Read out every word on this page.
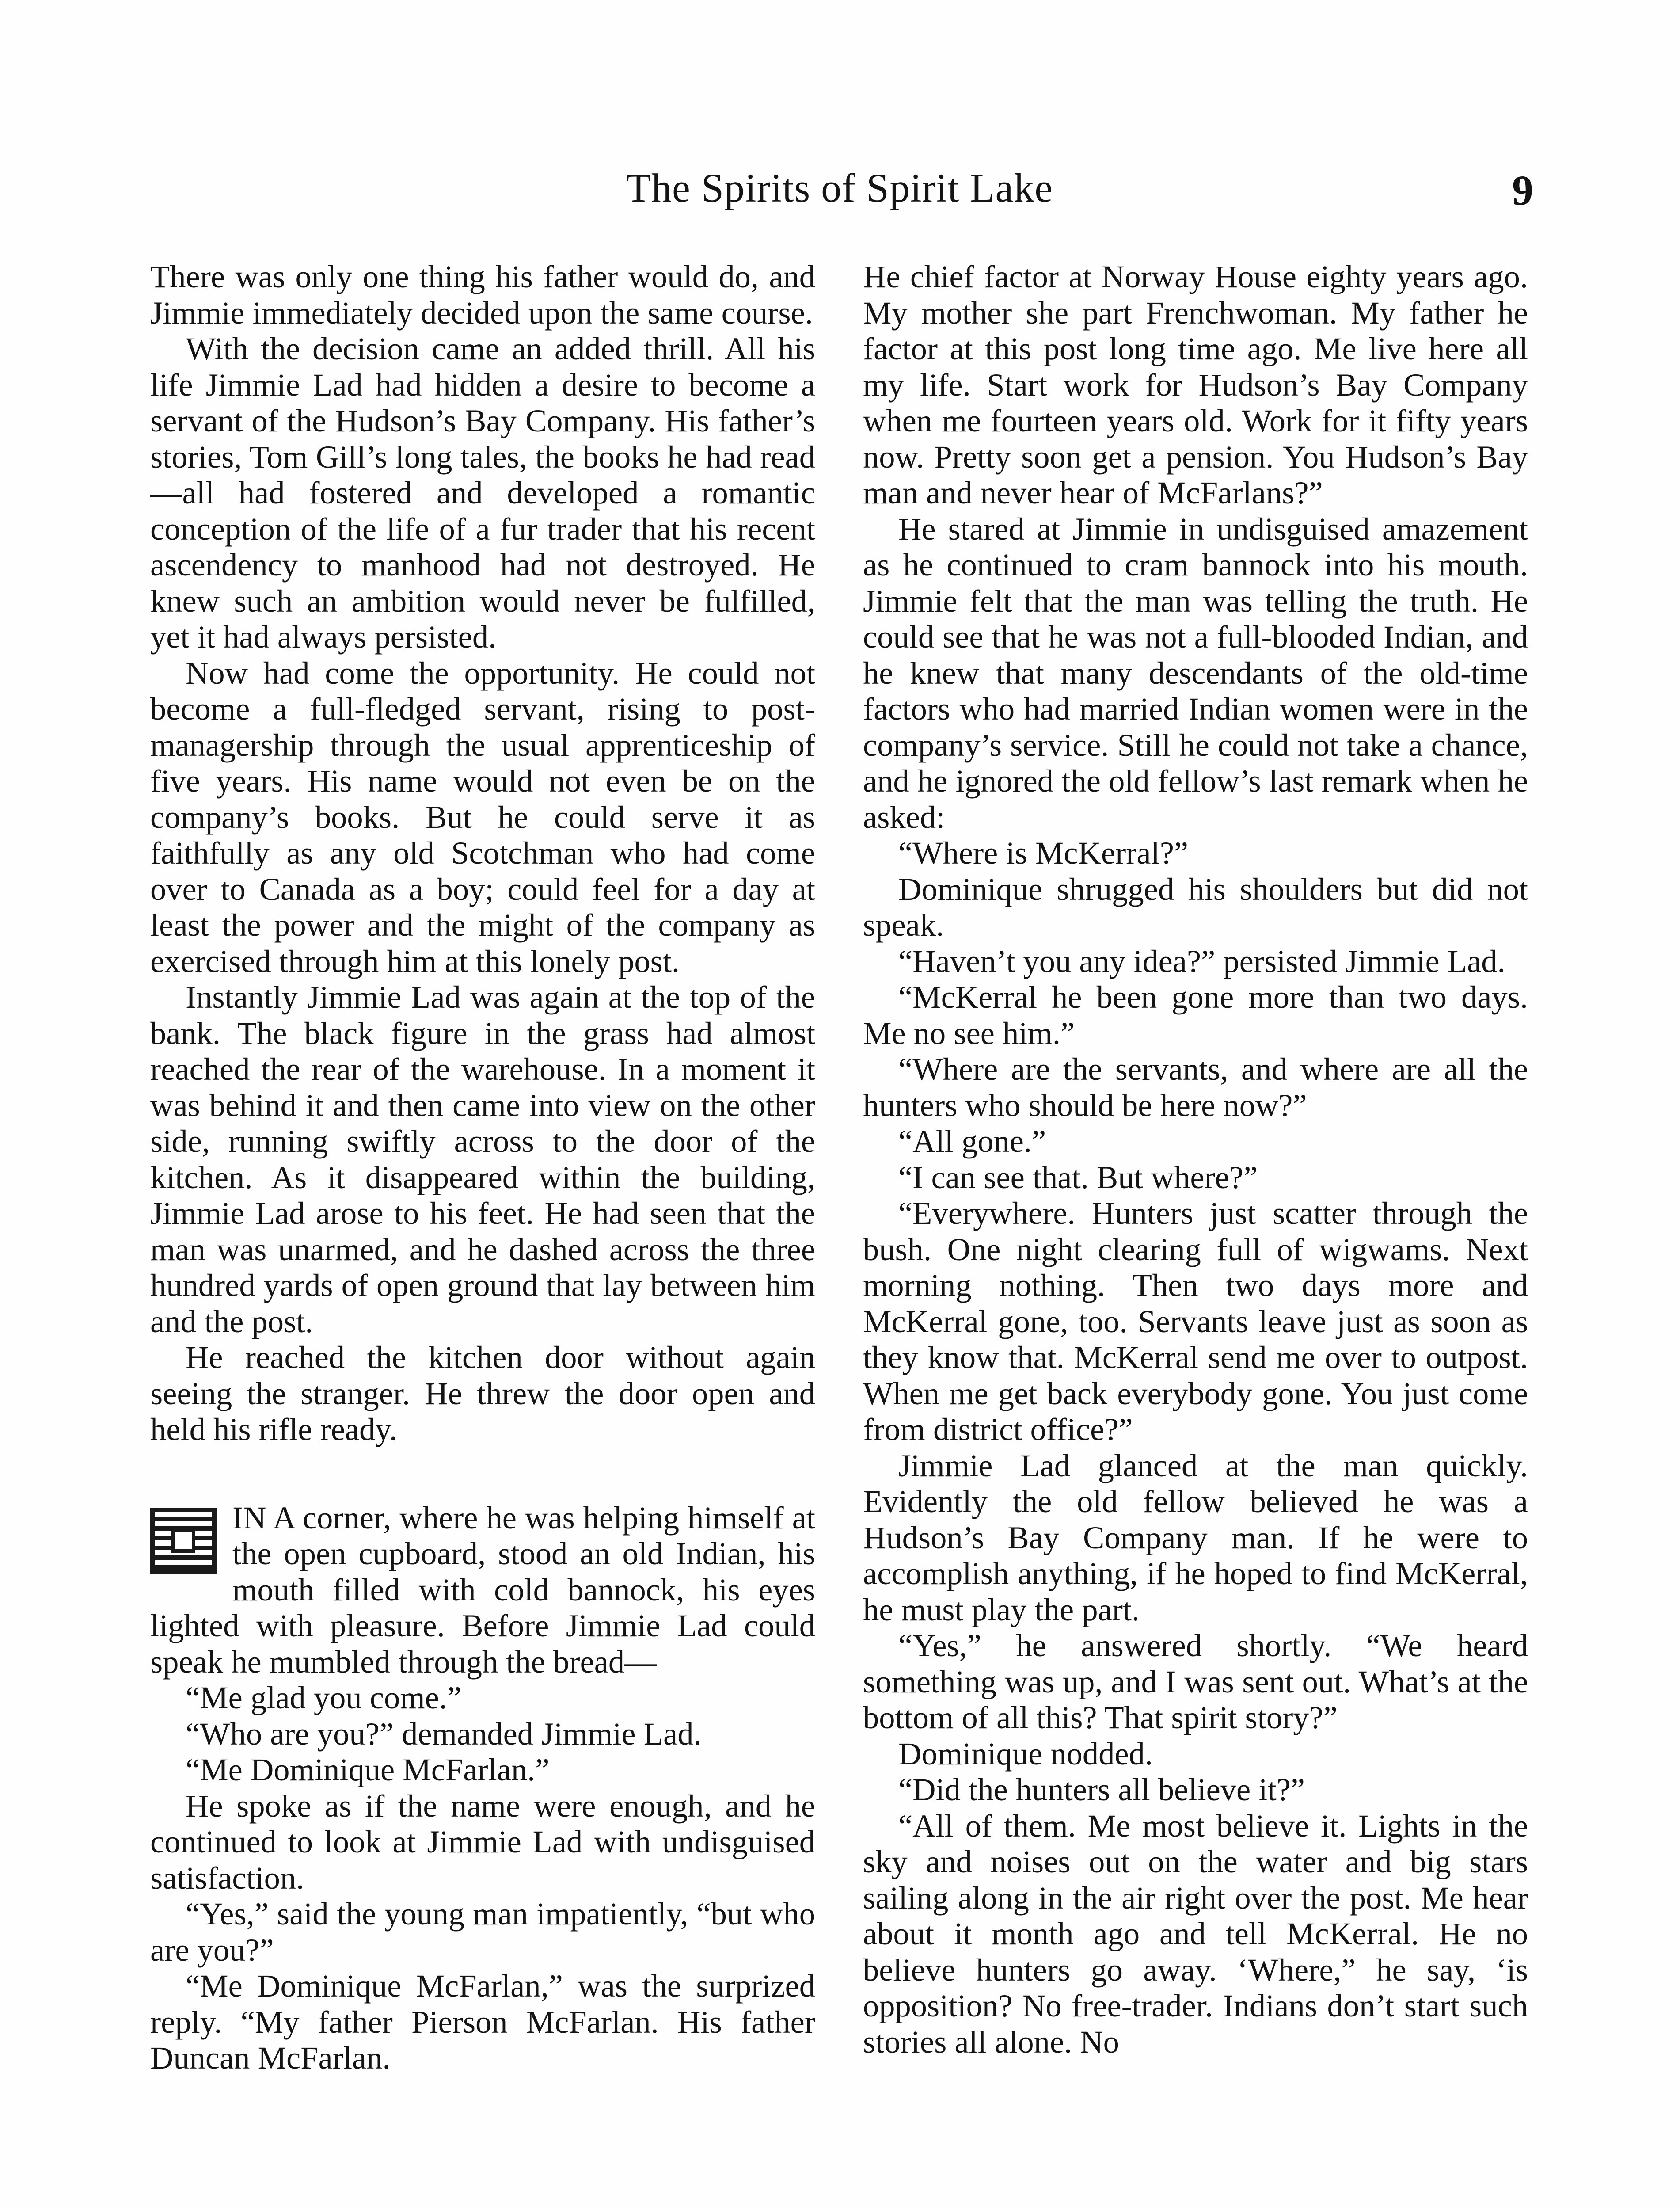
The Spirits of Spirit Lake	9

There was only one thing his father would do, and Jimmie immediately decided upon the same course.

With the decision came an added thrill. All his life Jimmie Lad had hidden a desire to become a servant of the Hudson’s Bay Company. His father’s stories, Tom Gill’s long tales, the books he had read—all had fostered and developed a romantic conception of the life of a fur trader that his recent ascendency to manhood had not destroyed. He knew such an ambition would never be fulfilled, yet it had always persisted.

Now had come the opportunity. He could not become a full-fledged servant, rising to post-managership through the usual apprenticeship of five years. His name would not even be on the company’s books. But he could serve it as faithfully as any old Scotchman who had come over to Canada as a boy; could feel for a day at least the power and the might of the company as exercised through him at this lonely post.

Instantly Jimmie Lad was again at the top of the bank. The black figure in the grass had almost reached the rear of the warehouse. In a moment it was behind it and then came into view on the other side, running swiftly across to the door of the kitchen. As it disappeared within the building, Jimmie Lad arose to his feet. He had seen that the man was unarmed, and he dashed across the three hundred yards of open ground that lay between him and the post.

He reached the kitchen door without again seeing the stranger. He threw the door open and held his rifle ready.

IN A corner, where he was helping himself at the open cupboard, stood an old Indian, his mouth filled with cold bannock, his eyes lighted with pleasure. Before Jimmie Lad could speak he mumbled through the bread—

“Me glad you come.”

“Who are you?” demanded Jimmie Lad.

“Me Dominique McFarlan.”

He spoke as if the name were enough, and he continued to look at Jimmie Lad with undisguised satisfaction.

“Yes,” said the young man impatiently, “but who are you?”

“Me Dominique McFarlan,” was the surprized reply. “My father Pierson McFarlan. His father Duncan McFarlan.

He chief factor at Norway House eighty years ago. My mother she part Frenchwoman. My father he factor at this post long time ago. Me live here all my life. Start work for Hudson’s Bay Company when me fourteen years old. Work for it fifty years now. Pretty soon get a pension. You Hudson’s Bay man and never hear of McFarlans?”

He stared at Jimmie in undisguised amazement as he continued to cram bannock into his mouth. Jimmie felt that the man was telling the truth. He could see that he was not a full-blooded Indian, and he knew that many descendants of the old-time factors who had married Indian women were in the company’s service. Still he could not take a chance, and he ignored the old fellow’s last remark when he asked:

“Where is McKerral?”

Dominique shrugged his shoulders but did not speak.

“Haven’t you any idea?” persisted Jimmie Lad.

“McKerral he been gone more than two days. Me no see him.”

“Where are the servants, and where are all the hunters who should be here now?”

“All gone.”

“I can see that. But where?”

“Everywhere. Hunters just scatter through the bush. One night clearing full of wigwams. Next morning nothing. Then two days more and McKerral gone, too. Servants leave just as soon as they know that. McKerral send me over to outpost. When me get back everybody gone. You just come from district office?”

Jimmie Lad glanced at the man quickly. Evidently the old fellow believed he was a Hudson’s Bay Company man. If he were to accomplish anything, if he hoped to find McKerral, he must play the part.

“Yes,” he answered shortly. “We heard something was up, and I was sent out. What’s at the bottom of all this? That spirit story?”

Dominique nodded.

“Did the hunters all believe it?”

“All of them. Me most believe it. Lights in the sky and noises out on the water and big stars sailing along in the air right over the post. Me hear about it month ago and tell McKerral. He no believe hunters go away. ‘Where,” he say, ‘is opposition? No free-trader. Indians don’t start such stories all alone. No
